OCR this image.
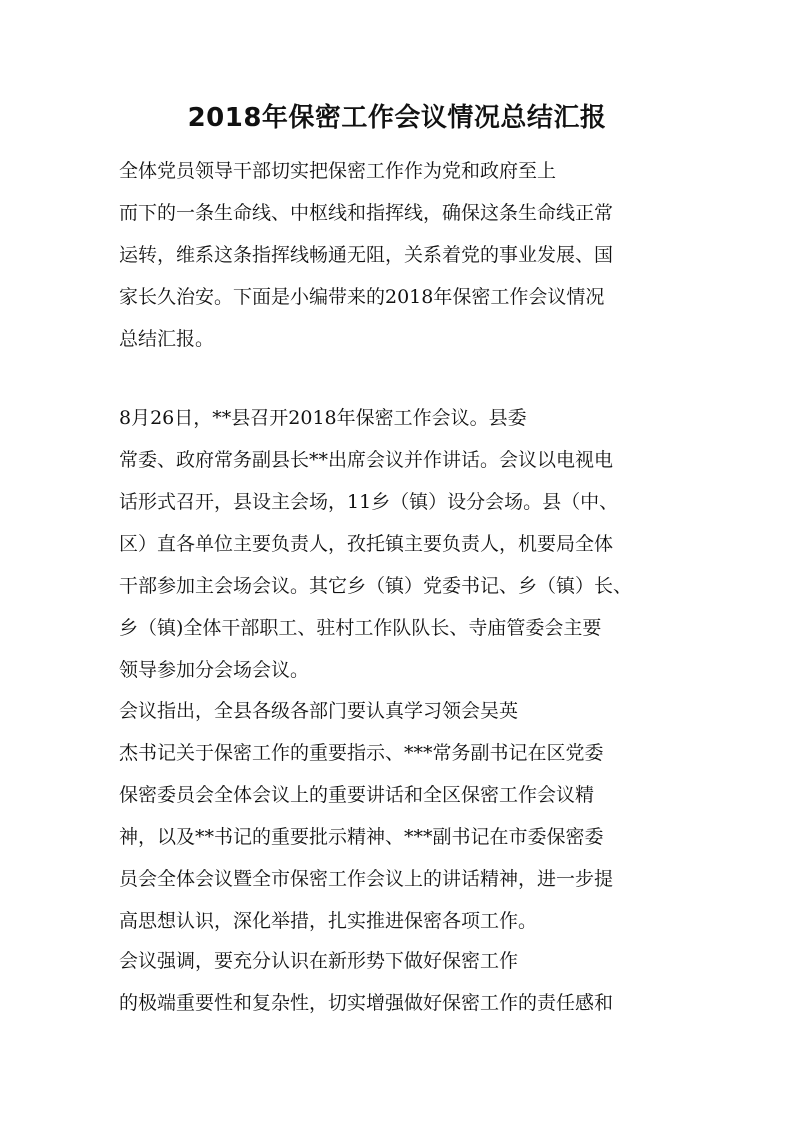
2018年保密工作会议情况总结汇报
全体党员领导干部切实把保密工作作为党和政府至上
而下的一条生命线、中枢线和指挥线，确保这条生命线正常
运转，维系这条指挥线畅通无阻，关系着党的事业发展、国
家长久治安。下面是小编带来的2018年保密工作会议情况
总结汇报。
8月26日，**县召开2018年保密工作会议。县委
常委、政府常务副县长**出席会议并作讲话。会议以电视电
话形式召开，县设主会场，11乡（镇）设分会场。县（中、
区）直各单位主要负责人，孜托镇主要负责人，机要局全体
干部参加主会场会议。其它乡（镇）党委书记、乡（镇）长、
乡（镇)全体干部职工、驻村工作队队长、寺庙管委会主要
领导参加分会场会议。
会议指出，全县各级各部门要认真学习领会吴英
杰书记关于保密工作的重要指示、***常务副书记在区党委
保密委员会全体会议上的重要讲话和全区保密工作会议精
神，以及**书记的重要批示精神、***副书记在市委保密委
员会全体会议暨全市保密工作会议上的讲话精神，进一步提
高思想认识，深化举措，扎实推进保密各项工作。
会议强调，要充分认识在新形势下做好保密工作
的极端重要性和复杂性，切实增强做好保密工作的责任感和
